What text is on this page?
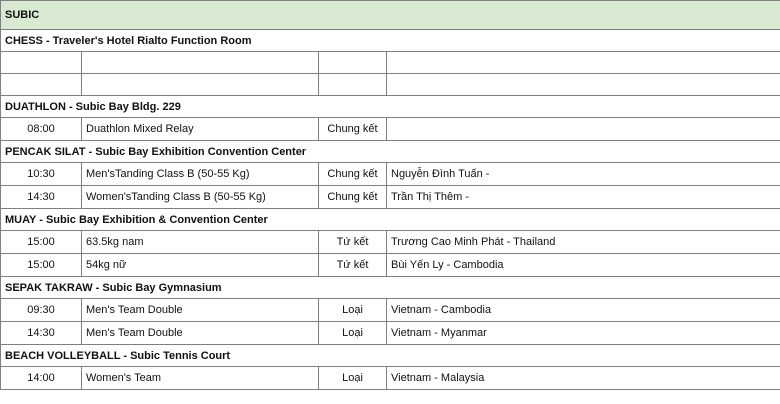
SUBIC			
CHESS - Traveler's Hotel Rialto Function Room			

DUATHLON - Subic Bay Bldg. 229			
08:00	Duathlon Mixed Relay	Chung kết	
PENCAK SILAT - Subic Bay Exhibition Convention Center			
10:30	Men'sTanding Class B (50-55 Kg)	Chung kết	Nguyễn Đình Tuấn -
14:30	Women'sTanding Class B (50-55 Kg)	Chung kết	Trần Thị Thêm -
MUAY - Subic Bay Exhibition & Convention Center			
15:00	63.5kg nam	Tứ kết	Trương Cao Minh Phát - Thailand
15:00	54kg nữ	Tứ kết	Bùi Yến Ly - Cambodia
SEPAK TAKRAW - Subic Bay Gymnasium			
09:30	Men's Team Double	Loại	Vietnam - Cambodia
14:30	Men's Team Double	Loại	Vietnam - Myanmar
BEACH VOLLEYBALL - Subic Tennis Court			
14:00	Women's Team	Loại	Vietnam - Malaysia
